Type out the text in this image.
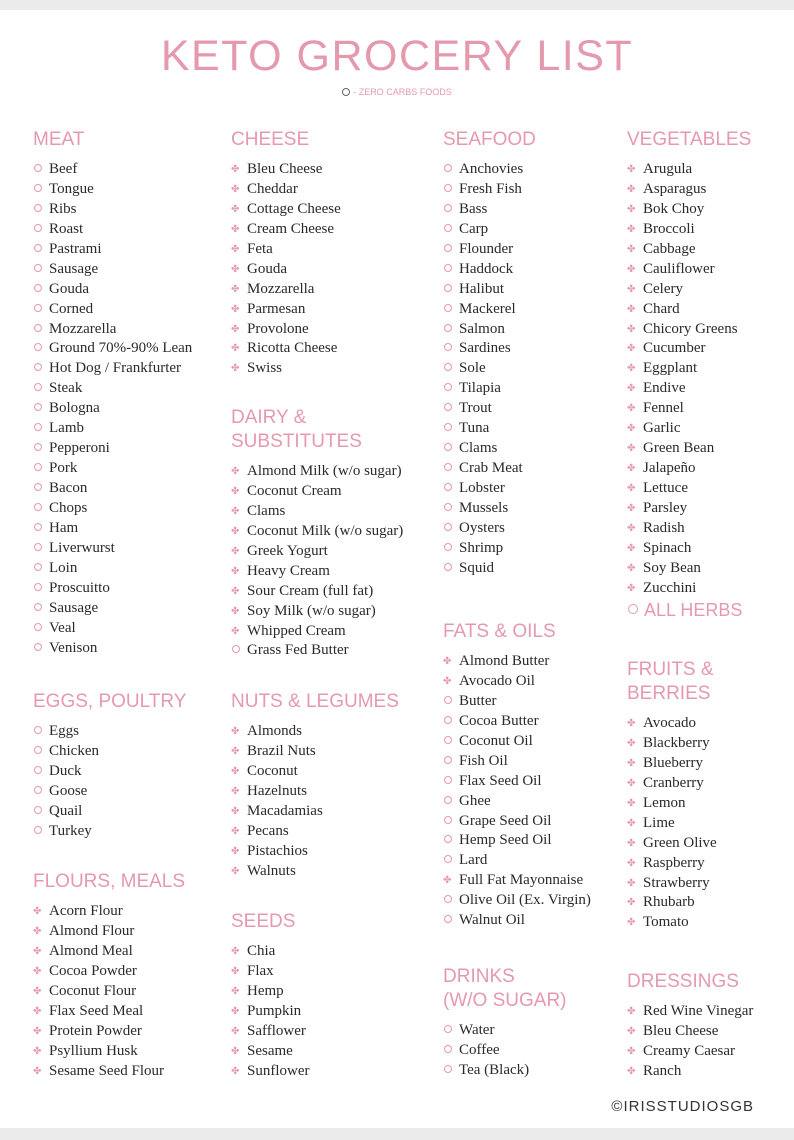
KETO GROCERY LIST
- ZERO CARBS FOODS
MEAT
Beef
Tongue
Ribs
Roast
Pastrami
Sausage
Gouda
Corned
Mozzarella
Ground 70%-90% Lean
Hot Dog / Frankfurter
Steak
Bologna
Lamb
Pepperoni
Pork
Bacon
Chops
Ham
Liverwurst
Loin
Proscuitto
Sausage
Veal
Venison
EGGS, POULTRY
Eggs
Chicken
Duck
Goose
Quail
Turkey
FLOURS, MEALS
✤ Acorn Flour
✤ Almond Flour
✤ Almond Meal
✤ Cocoa Powder
✤ Coconut Flour
✤ Flax Seed Meal
✤ Protein Powder
✤ Psyllium Husk
✤ Sesame Seed Flour
CHEESE
✤ Bleu Cheese
✤ Cheddar
✤ Cottage Cheese
✤ Cream Cheese
✤ Feta
✤ Gouda
✤ Mozzarella
✤ Parmesan
✤ Provolone
✤ Ricotta Cheese
✤ Swiss
DAIRY &
SUBSTITUTES
✤ Almond Milk (w/o sugar)
✤ Coconut Cream
✤ Clams
✤ Coconut Milk (w/o sugar)
✤ Greek Yogurt
✤ Heavy Cream
✤ Sour Cream (full fat)
✤ Soy Milk (w/o sugar)
✤ Whipped Cream
Grass Fed Butter
NUTS & LEGUMES
✤ Almonds
✤ Brazil Nuts
✤ Coconut
✤ Hazelnuts
✤ Macadamias
✤ Pecans
✤ Pistachios
✤ Walnuts
SEEDS
✤ Chia
✤ Flax
✤ Hemp
✤ Pumpkin
✤ Safflower
✤ Sesame
✤ Sunflower
SEAFOOD
Anchovies
Fresh Fish
Bass
Carp
Flounder
Haddock
Halibut
Mackerel
Salmon
Sardines
Sole
Tilapia
Trout
Tuna
Clams
Crab Meat
Lobster
Mussels
Oysters
Shrimp
Squid
FATS & OILS
✤ Almond Butter
✤ Avocado Oil
Butter
Cocoa Butter
Coconut Oil
Fish Oil
Flax Seed Oil
Ghee
Grape Seed Oil
Hemp Seed Oil
Lard
✤ Full Fat Mayonnaise
Olive Oil (Ex. Virgin)
Walnut Oil
DRINKS
(W/O SUGAR)
Water
Coffee
Tea (Black)
VEGETABLES
✤ Arugula
✤ Asparagus
✤ Bok Choy
✤ Broccoli
✤ Cabbage
✤ Cauliflower
✤ Celery
✤ Chard
✤ Chicory Greens
✤ Cucumber
✤ Eggplant
✤ Endive
✤ Fennel
✤ Garlic
✤ Green Bean
✤ Jalapeño
✤ Lettuce
✤ Parsley
✤ Radish
✤ Spinach
✤ Soy Bean
✤ Zucchini
ALL HERBS
FRUITS &
BERRIES
✤ Avocado
✤ Blackberry
✤ Blueberry
✤ Cranberry
✤ Lemon
✤ Lime
✤ Green Olive
✤ Raspberry
✤ Strawberry
✤ Rhubarb
✤ Tomato
DRESSINGS
✤ Red Wine Vinegar
✤ Bleu Cheese
✤ Creamy Caesar
✤ Ranch
©IRISSTUDIOSGB
